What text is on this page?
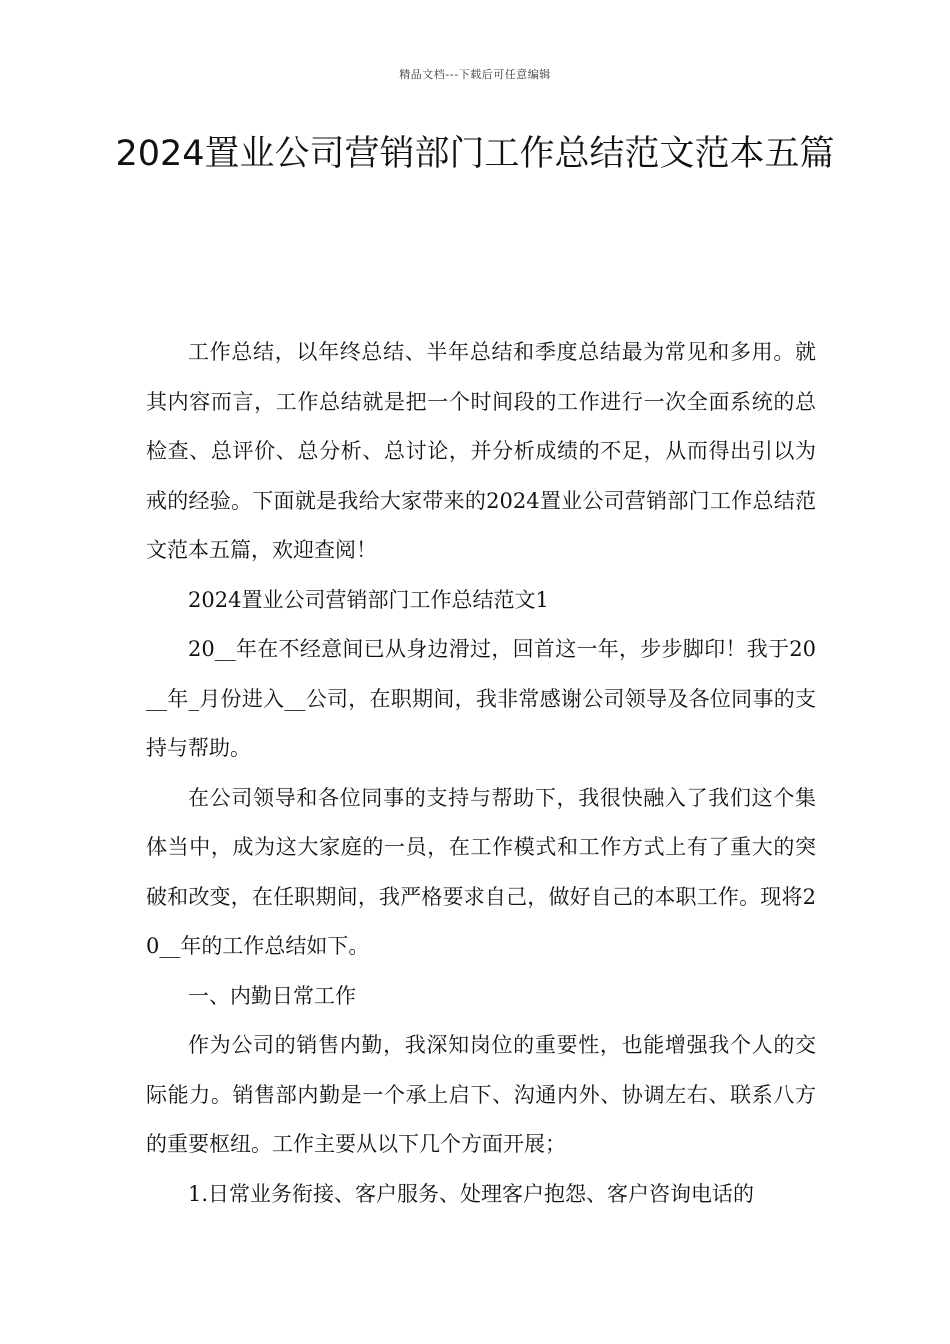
精品文档---下载后可任意编辑
2024置业公司营销部门工作总结范文范本五篇

工作总结，以年终总结、半年总结和季度总结最为常见和多用。就其内容而言，工作总结就是把一个时间段的工作进行一次全面系统的总检查、总评价、总分析、总讨论，并分析成绩的不足，从而得出引以为戒的经验。下面就是我给大家带来的2024置业公司营销部门工作总结范文范本五篇，欢迎查阅！

2024置业公司营销部门工作总结范文1

20__年在不经意间已从身边滑过，回首这一年，步步脚印！我于20__年_月份进入__公司，在职期间，我非常感谢公司领导及各位同事的支持与帮助。

在公司领导和各位同事的支持与帮助下，我很快融入了我们这个集体当中，成为这大家庭的一员，在工作模式和工作方式上有了重大的突破和改变，在任职期间，我严格要求自己，做好自己的本职工作。现将20__年的工作总结如下。

一、内勤日常工作

作为公司的销售内勤，我深知岗位的重要性，也能增强我个人的交际能力。销售部内勤是一个承上启下、沟通内外、协调左右、联系八方的重要枢纽。工作主要从以下几个方面开展；

1.日常业务衔接、客户服务、处理客户抱怨、客户咨询电话的
